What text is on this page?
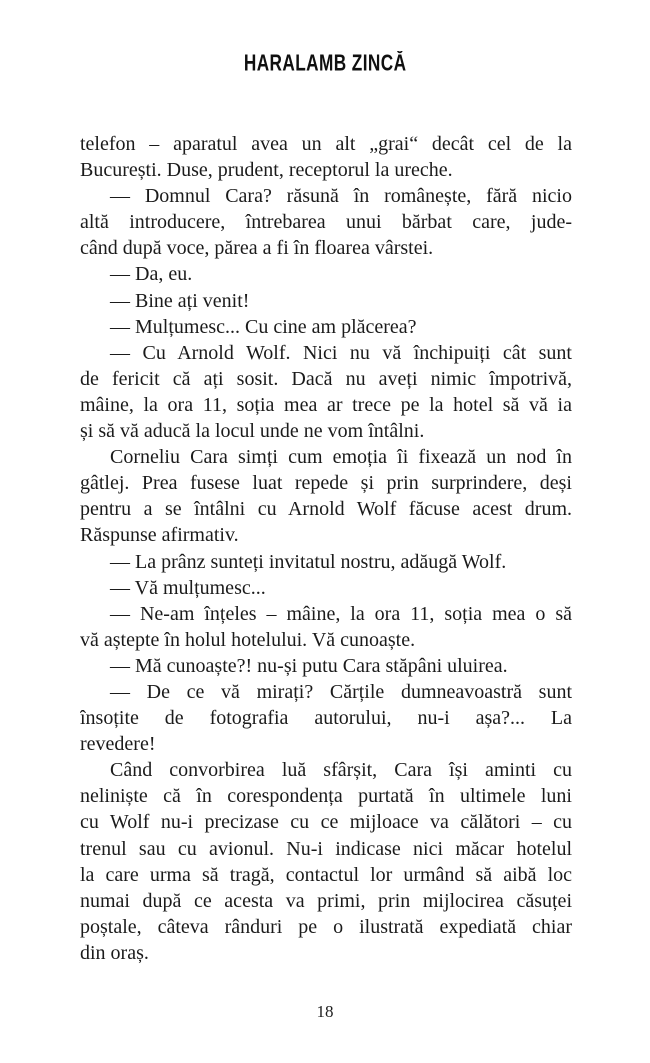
HARALAMB ZINCĂ
telefon – aparatul avea un alt „grai“ decât cel de la
București. Duse, prudent, receptorul la ureche.
— Domnul Cara? răsună în românește, fără nicio
altă introducere, întrebarea unui bărbat care, jude-
când după voce, părea a fi în floarea vârstei.
— Da, eu.
— Bine ați venit!
— Mulțumesc... Cu cine am plăcerea?
— Cu Arnold Wolf. Nici nu vă închipuiți cât sunt
de fericit că ați sosit. Dacă nu aveți nimic împotrivă,
mâine, la ora 11, soția mea ar trece pe la hotel să vă ia
și să vă aducă la locul unde ne vom întâlni.
Corneliu Cara simți cum emoția îi fixează un nod în
gâtlej. Prea fusese luat repede și prin surprindere, deși
pentru a se întâlni cu Arnold Wolf făcuse acest drum.
Răspunse afirmativ.
— La prânz sunteți invitatul nostru, adăugă Wolf.
— Vă mulțumesc...
— Ne-am înțeles – mâine, la ora 11, soția mea o să
vă aștepte în holul hotelului. Vă cunoaște.
— Mă cunoaște?! nu-și putu Cara stăpâni uluirea.
— De ce vă mirați? Cărțile dumneavoastră sunt
însoțite de fotografia autorului, nu-i așa?... La
revedere!
Când convorbirea luă sfârșit, Cara își aminti cu
neliniște că în corespondența purtată în ultimele luni
cu Wolf nu-i precizase cu ce mijloace va călători – cu
trenul sau cu avionul. Nu-i indicase nici măcar hotelul
la care urma să tragă, contactul lor urmând să aibă loc
numai după ce acesta va primi, prin mijlocirea căsuței
poștale, câteva rânduri pe o ilustrată expediată chiar
din oraș.
18
